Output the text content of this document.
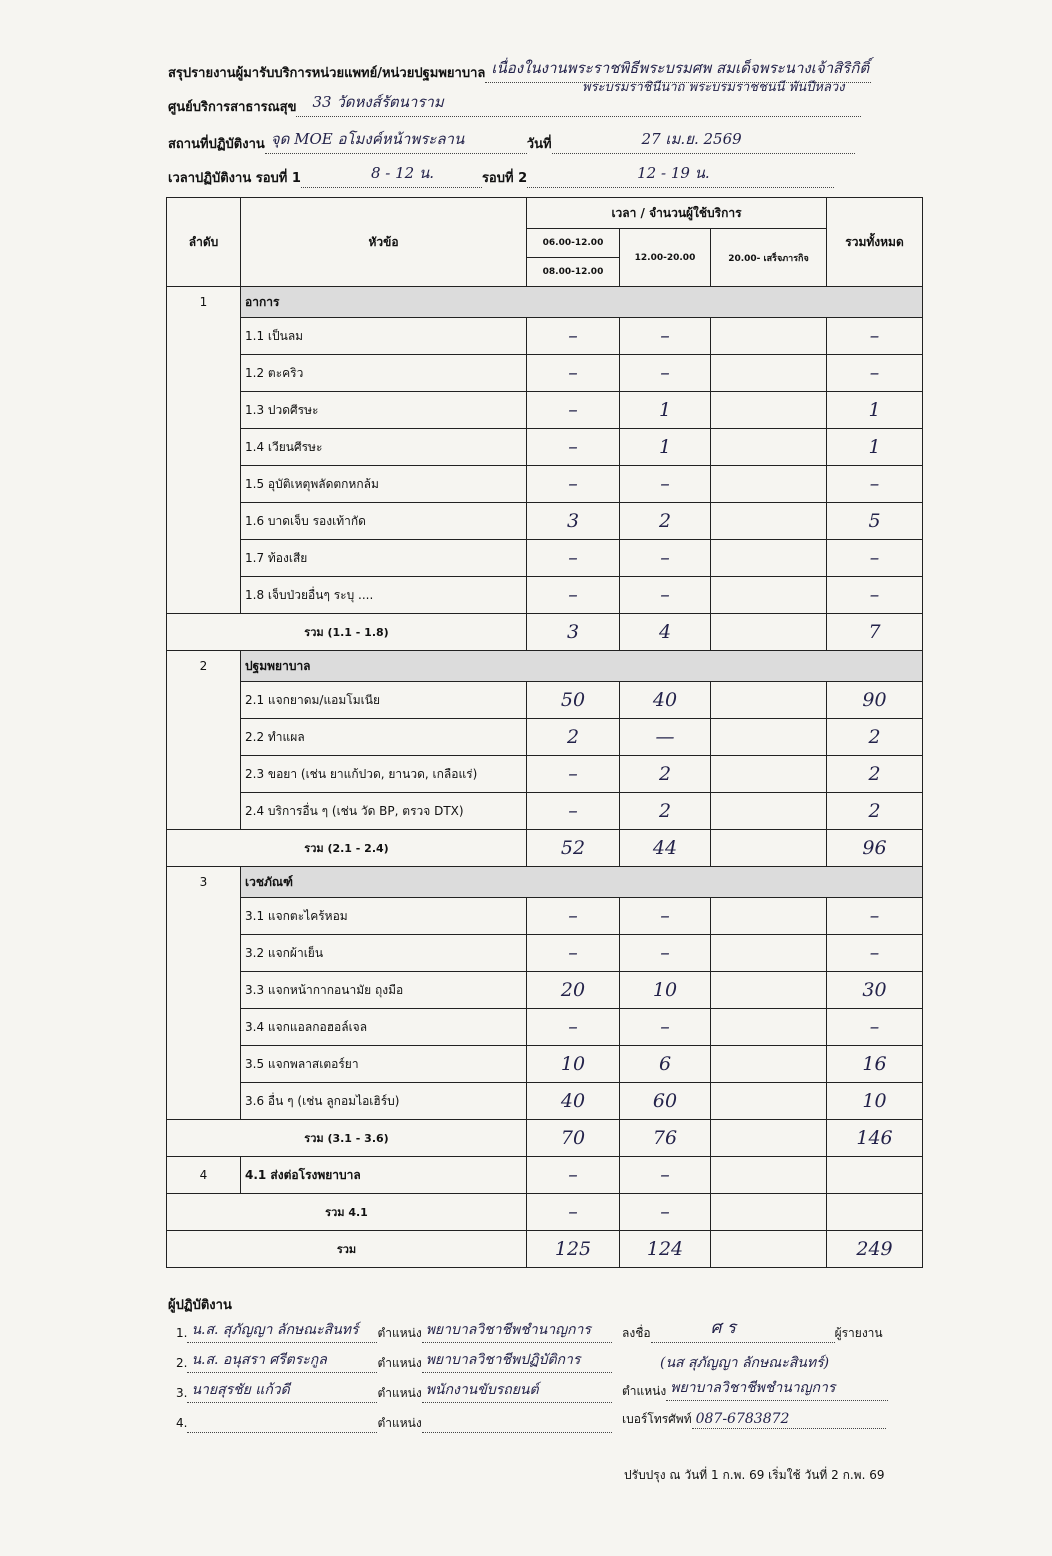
สรุปรายงานผู้มารับบริการหน่วยแพทย์/หน่วยปฐมพยาบาล เนื่องในงานพระราชพิธีพระบรมศพ สมเด็จพระนางเจ้าสิริกิติ์
พระบรมราชินีนาถ พระบรมราชชนนี พันปีหลวง
ศูนย์บริการสาธารณสุข 33 วัดหงส์รัตนาราม
สถานที่ปฏิบัติงาน จุด MOE อโมงค์หน้าพระลาน	วันที่	27 เม.ย. 2569
เวลาปฏิบัติงาน รอบที่ 1	8 - 12 น.	รอบที่ 2	12 - 19 น.
ลำดับ	หัวข้อ	เวลา / จำนวนผู้ใช้บริการ			รวมทั้งหมด
		06.00-12.00	12.00-20.00	20.00- เสร็จภารกิจ	
		08.00-12.00			
1	อาการ				
	1.1 เป็นลม	–	–		–
	1.2 ตะคริว	–	–		–
	1.3 ปวดศีรษะ	–	1		1
	1.4 เวียนศีรษะ	–	1		1
	1.5 อุบัติเหตุพลัดตกหกล้ม	–	–		–
	1.6 บาดเจ็บ รองเท้ากัด	3	2		5
	1.7 ท้องเสีย	–	–		–
	1.8 เจ็บป่วยอื่นๆ ระบุ ....	–	–		–
รวม (1.1 - 1.8)		3	4		7
2	ปฐมพยาบาล				
	2.1 แจกยาดม/แอมโมเนีย	50	40		90
	2.2 ทำแผล	2	—		2
	2.3 ขอยา (เช่น ยาแก้ปวด, ยานวด, เกลือแร่)	–	2		2
	2.4 บริการอื่น ๆ (เช่น วัด BP, ตรวจ DTX)	–	2		2
รวม (2.1 - 2.4)		52	44		96
3	เวชภัณฑ์				
	3.1 แจกตะไคร้หอม	–	–		–
	3.2 แจกผ้าเย็น	–	–		–
	3.3 แจกหน้ากากอนามัย ถุงมือ	20	10		30
	3.4 แจกแอลกอฮอล์เจล	–	–		–
	3.5 แจกพลาสเตอร์ยา	10	6		16
	3.6 อื่น ๆ (เช่น ลูกอมไอเฮิร์บ)	40	60		10
รวม (3.1 - 3.6)		70	76		146
4	4.1 ส่งต่อโรงพยาบาล	–	–		
รวม 4.1		–	–		
รวม		125	124		249
ผู้ปฏิบัติงาน
1. น.ส. สุภัญญา ลักษณะสินทร์ ตำแหน่ง พยาบาลวิชาชีพชำนาญการ
2. น.ส. อนุสรา ศรีตระกูล	ตำแหน่ง พยาบาลวิชาชีพปฏิบัติการ
3. นายสุรชัย แก้วดี	ตำแหน่ง พนักงานขับรถยนต์
4.	ตำแหน่ง
ลงชื่อ	ศ ร	ผู้รายงาน
(นส สุภัญญา ลักษณะสินทร์)
ตำแหน่ง พยาบาลวิชาชีพชำนาญการ
เบอร์โทรศัพท์ 087-6783872
ปรับปรุง ณ วันที่ 1 ก.พ. 69 เริ่มใช้ วันที่ 2 ก.พ. 69
